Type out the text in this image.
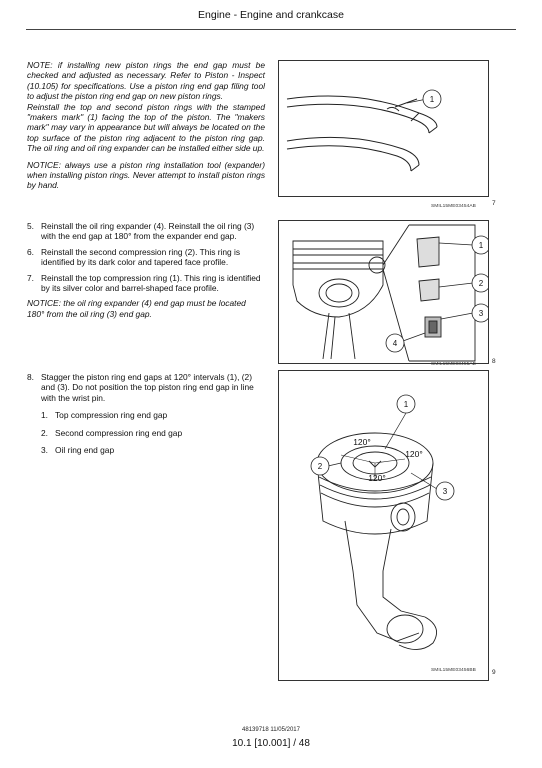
Engine - Engine and crankcase

NOTE: if installing new piston rings the end gap must be checked and adjusted as necessary. Refer to Piston - Inspect (10.105) for specifications. Use a piston ring end gap filing tool to adjust the piston ring end gap on new piston rings.

Reinstall the top and second piston rings with the stamped "makers mark" (1) facing the top of the piston. The "makers mark" may vary in appearance but will always be located on the top surface of the piston ring adjacent to the piston ring gap. The oil ring and oil ring expander can be installed either side up.

NOTICE: always use a piston ring installation tool (expander) when installing piston rings. Never attempt to install piston rings by hand.

5. Reinstall the oil ring expander (4). Reinstall the oil ring (3) with the end gap at 180° from the expander end gap.
6. Reinstall the second compression ring (2). This ring is identified by its dark color and tapered face profile.
7. Reinstall the top compression ring (1). This ring is identified by its silver color and barrel-shaped face profile.

NOTICE: the oil ring expander (4) end gap must be located 180° from the oil ring (3) end gap.

8. Stagger the piston ring end gaps at 120° intervals (1), (2) and (3). Do not position the top piston ring end gap in line with the wrist pin.
1. Top compression ring end gap
2. Second compression ring end gap
3. Oil ring end gap
1
SMIL15ME03454AB 7
1
2
3
4
SMIL15ME03455AB 8
120°
120°
120°
1
2
3
SMIL15ME03456BB 9
48139718 11/05/2017
10.1 [10.001] / 48
